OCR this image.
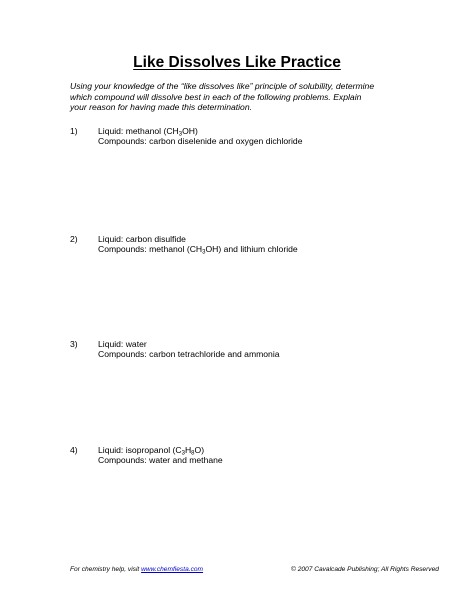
Like Dissolves Like Practice
Using your knowledge of the “like dissolves like” principle of solubility, determine
which compound will dissolve best in each of the following problems. Explain
your reason for having made this determination.
1) Liquid: methanol $(CH_3OH)$
Compounds: carbon diselenide and oxygen dichloride
2) Liquid: carbon disulfide
Compounds: methanol $(CH_3OH)$ and lithium chloride
3) Liquid: water
Compounds: carbon tetrachloride and ammonia
4) Liquid: isopropanol $(C_3H_8O)$
Compounds: water and methane
For chemistry help, visit www.chemfiesta.com	© 2007 Cavalcade Publishing; All Rights Reserved
